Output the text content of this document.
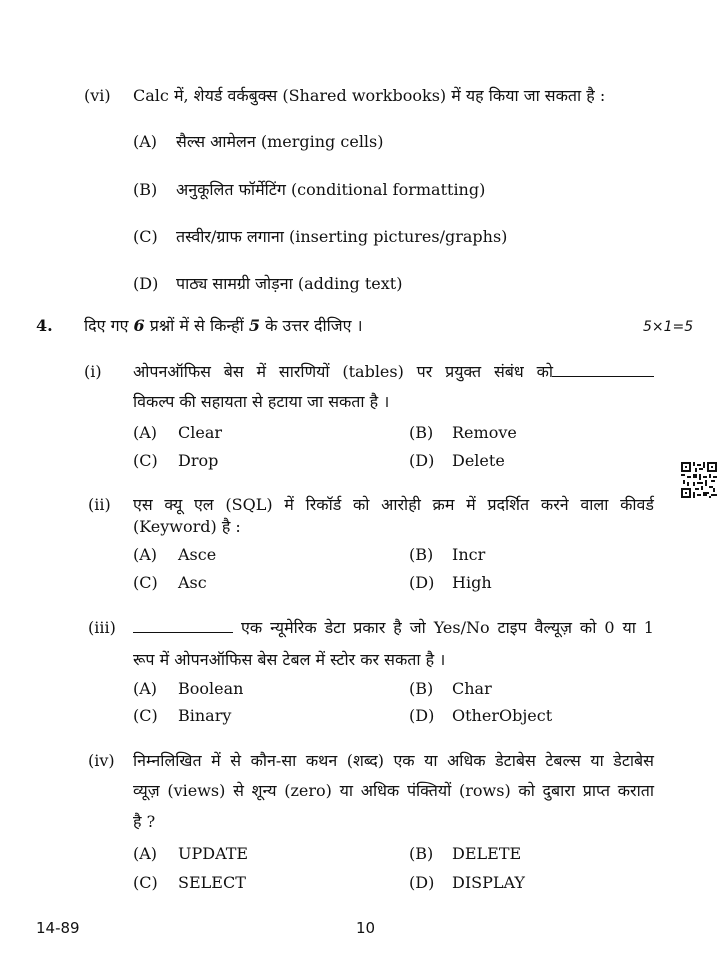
(vi) Calc में, शेयर्ड वर्कबुक्स (Shared workbooks) में यह किया जा सकता है :
(A) सैल्स आमेलन (merging cells)
(B) अनुकूलित फॉर्मेटिंग (conditional formatting)
(C) तस्वीर/ग्राफ लगाना (inserting pictures/graphs)
(D) पाठ्य सामग्री जोड़ना (adding text)
4. दिए गए 6 प्रश्नों में से किन्हीं 5 के उत्तर दीजिए ।	5×1=5
(i) ओपनऑफिस बेस में सारणियों (tables) पर प्रयुक्त संबंध को
विकल्प की सहायता से हटाया जा सकता है ।
(A) Clear	(B) Remove
(C) Drop	(D) Delete
(ii) एस क्यू एल (SQL) में रिकॉर्ड को आरोही क्रम में प्रदर्शित करने वाला कीवर्ड
(Keyword) है :
(A) Asce	(B) Incr
(C) Asc	(D) High
(iii)	एक न्यूमेरिक डेटा प्रकार है जो Yes/No टाइप वैल्यूज़ को 0 या 1
रूप में ओपनऑफिस बेस टेबल में स्टोर कर सकता है ।
(A) Boolean	(B) Char
(C) Binary	(D) OtherObject
(iv) निम्नलिखित में से कौन-सा कथन (शब्द) एक या अधिक डेटाबेस टेबल्स या डेटाबेस
व्यूज़ (views) से शून्य (zero) या अधिक पंक्तियों (rows) को दुबारा प्राप्त कराता
है ?
(A) UPDATE	(B) DELETE
(C) SELECT	(D) DISPLAY
14-89	10
